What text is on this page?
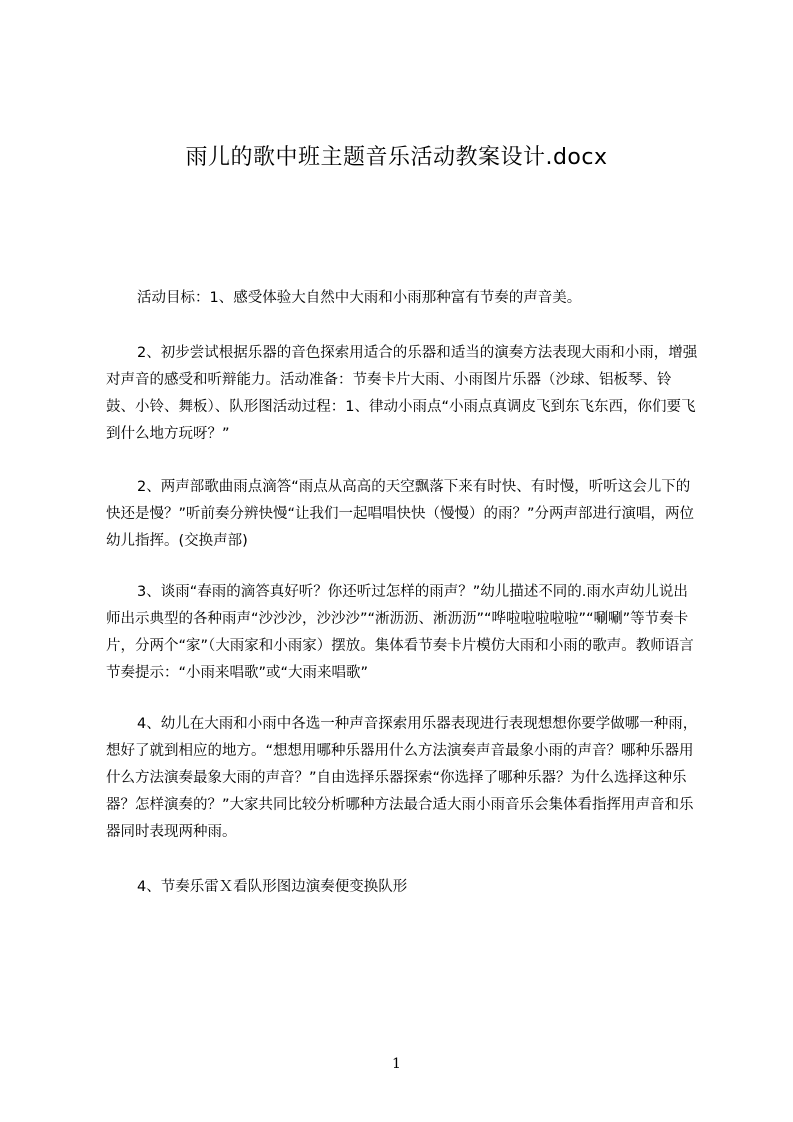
雨儿的歌中班主题音乐活动教案设计.docx

活动目标：1、感受体验大自然中大雨和小雨那种富有节奏的声音美。

2、初步尝试根据乐器的音色探索用适合的乐器和适当的演奏方法表现大雨和小雨，增强对声音的感受和听辩能力。活动准备：节奏卡片大雨、小雨图片乐器（沙球、铝板琴、铃鼓、小铃、舞板）、队形图活动过程：1、律动小雨点“小雨点真调皮飞到东飞东西，你们要飞到什么地方玩呀？”

2、两声部歌曲雨点滴答“雨点从高高的天空飘落下来有时快、有时慢，听听这会儿下的快还是慢？”听前奏分辨快慢“让我们一起唱唱快快（慢慢）的雨？”分两声部进行演唱，两位幼儿指挥。(交换声部)

3、谈雨“春雨的滴答真好听？你还听过怎样的雨声？”幼儿描述不同的.雨水声幼儿说出师出示典型的各种雨声“沙沙沙，沙沙沙”“淅沥沥、淅沥沥”“哗啦啦啦啦啦”“唰唰”等节奏卡片，分两个“家”（大雨家和小雨家）摆放。集体看节奏卡片模仿大雨和小雨的歌声。教师语言节奏提示：“小雨来唱歌”或“大雨来唱歌”

4、幼儿在大雨和小雨中各选一种声音探索用乐器表现进行表现想想你要学做哪一种雨，想好了就到相应的地方。“想想用哪种乐器用什么方法演奏声音最象小雨的声音？哪种乐器用什么方法演奏最象大雨的声音？”自由选择乐器探索“你选择了哪种乐器？为什么选择这种乐器？怎样演奏的？”大家共同比较分析哪种方法最合适大雨小雨音乐会集体看指挥用声音和乐器同时表现两种雨。

4、节奏乐雷Ｘ看队形图边演奏便变换队形

1
